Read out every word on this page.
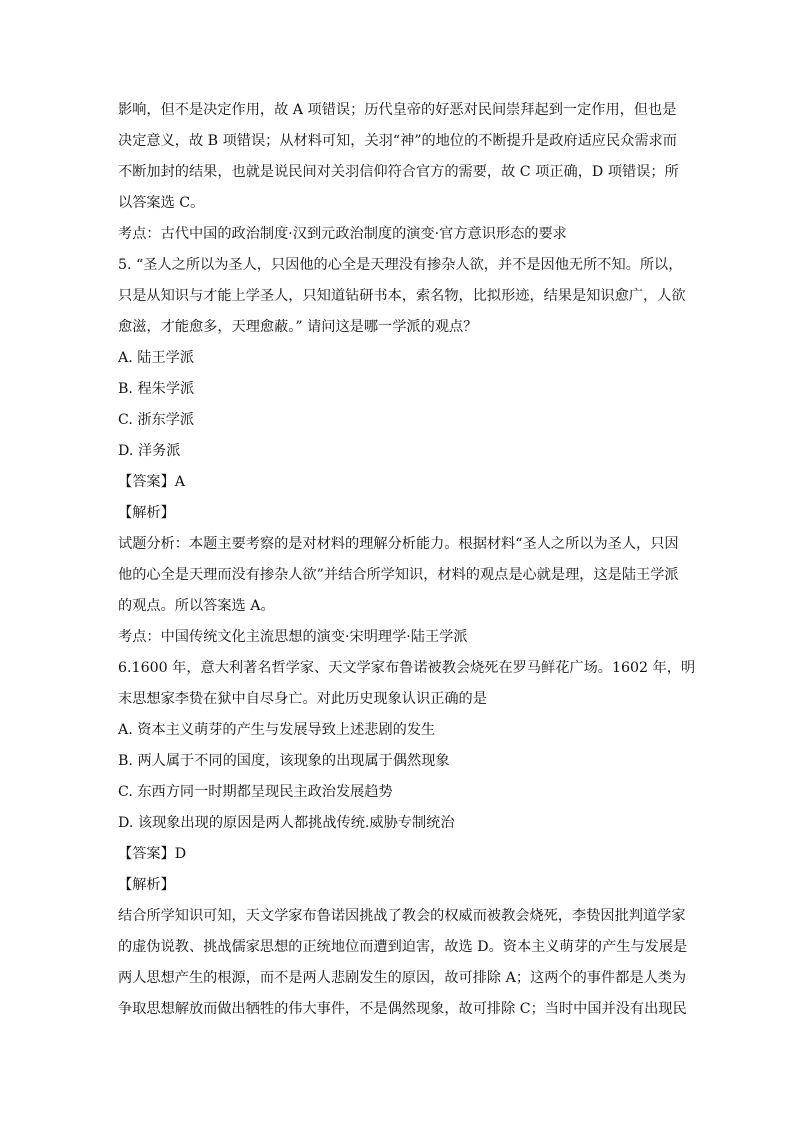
影响，但不是决定作用，故 A 项错误；历代皇帝的好恶对民间崇拜起到一定作用，但也是
决定意义，故 B 项错误；从材料可知，关羽“神”的地位的不断提升是政府适应民众需求而
不断加封的结果，也就是说民间对关羽信仰符合官方的需要，故 C 项正确，D 项错误；所
以答案选 C。
考点：古代中国的政治制度·汉到元政治制度的演变·官方意识形态的要求
5. “圣人之所以为圣人，只因他的心全是天理没有掺杂人欲，并不是因他无所不知。所以，
只是从知识与才能上学圣人，只知道钻研书本，索名物，比拟形迹，结果是知识愈广，人欲
愈滋，才能愈多，天理愈蔽。” 请问这是哪一学派的观点？
A. 陆王学派
B. 程朱学派
C. 浙东学派
D. 洋务派
【答案】A
【解析】
试题分析：本题主要考察的是对材料的理解分析能力。根据材料“圣人之所以为圣人，只因
他的心全是天理而没有掺杂人欲”并结合所学知识，材料的观点是心就是理，这是陆王学派
的观点。所以答案选 A。
考点：中国传统文化主流思想的演变·宋明理学·陆王学派
6.1600 年，意大利著名哲学家、天文学家布鲁诺被教会烧死在罗马鲜花广场。1602 年，明
末思想家李贽在狱中自尽身亡。对此历史现象认识正确的是
A. 资本主义萌芽的产生与发展导致上述悲剧的发生
B. 两人属于不同的国度，该现象的出现属于偶然现象
C. 东西方同一时期都呈现民主政治发展趋势
D. 该现象出现的原因是两人都挑战传统.威胁专制统治
【答案】D
【解析】
结合所学知识可知，天文学家布鲁诺因挑战了教会的权威而被教会烧死，李贽因批判道学家
的虚伪说教、挑战儒家思想的正统地位而遭到迫害，故选 D。资本主义萌芽的产生与发展是
两人思想产生的根源，而不是两人悲剧发生的原因，故可排除 A；这两个的事件都是人类为
争取思想解放而做出牺牲的伟大事件，不是偶然现象，故可排除 C；当时中国并没有出现民
